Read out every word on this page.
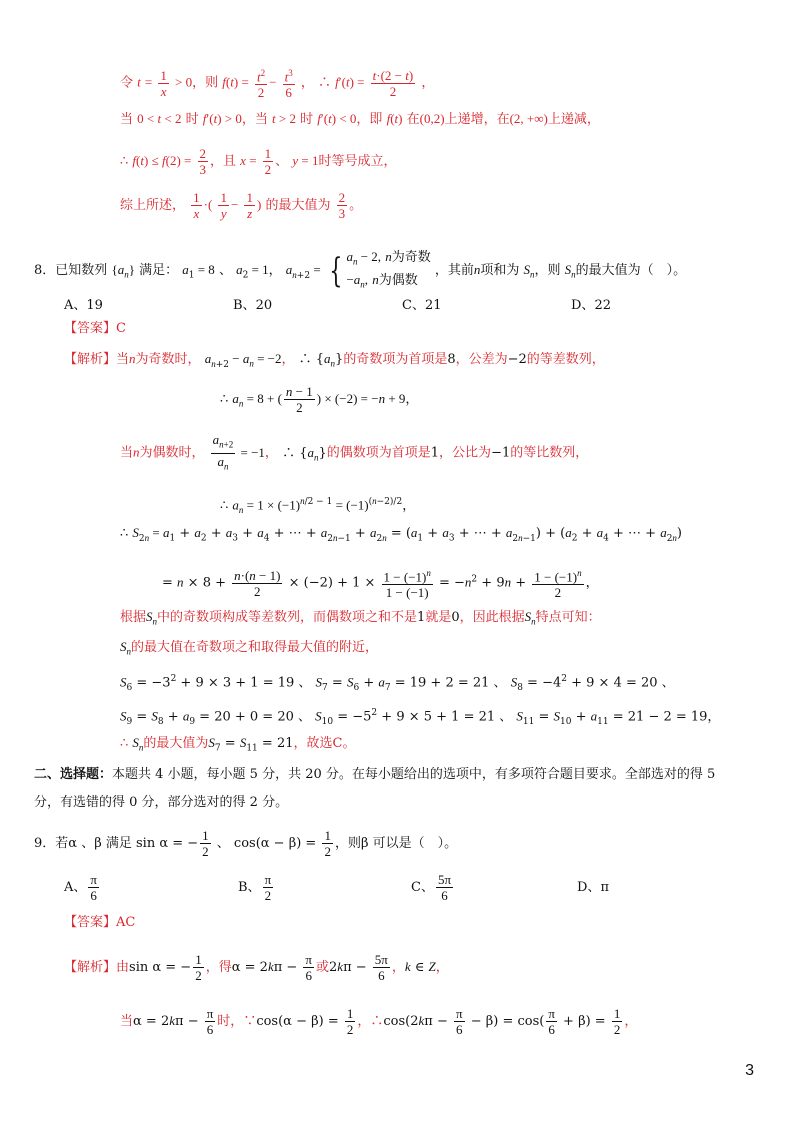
令 $t = \frac{1}{x} > 0$，则 $f(t) = \frac{t^2}{2} - \frac{t^3}{6}$ ， ∴ $f'(t) = \frac{t\cdot(2 - t)}{2}$ ，
当 0 < t < 2 时 f′(t) > 0，当 t > 2 时 f′(t) < 0，即 f(t) 在(0,2)上递增，在(2, +∞)上递减，
∴ $f(t) \le f(2) = \frac{2}{3}$ ，且 $x = \frac{1}{2}$ 、 y = 1时等号成立，
综上所述， $\frac{1}{x}$ ·( $\frac{1}{y} - \frac{1}{z}$ ) 的最大值为 $\frac{2}{3}$ 。
8．已知数列 $\{a_n\}$ 满足： $a_1 = 8$ 、 $a_2 = 1$， $a_{n+2}$ = { $a_n - 2$, n为奇数
$-a_n$, n为偶数
，其前n项和为 $S_n$，则 $S_n$的最大值为（　）。
A、19	B、20	C、21	D、22
【答案】C
【解析】当n为奇数时， $a_{n+2} - a_n = -2$， ∴ $\{a_n\}$的奇数项为首项是8，公差为−2的等差数列，
∴ $a_n = 8$ + ( $\frac{n - 1}{2}$ ) × (−2) = −n + 9，
当n为偶数时， $\frac{a_{n+2}}{a_n} = -1$， ∴ $\{a_n\}$的偶数项为首项是1，公比为−1的等比数列，
∴ $a_n = 1 \times (-1)^{n/2 - 1} = (-1)^{(n-2)/2}$，
∴ $S_{2n} = a_1 + a_2 + a_3 + a_4$ + ⋯ + $a_{2n-1} + a_{2n} = (a_1 + a_3$ + ⋯ + $a_{2n-1}) + (a_2 + a_4$ + ⋯ + $a_{2n}$)
= $n \times 8 + \frac{n\cdot(n - 1)}{2} \times (-2) + 1 \times \frac{1 - (-1)^n}{1 - (-1)} = -n^2 + 9n + \frac{1 - (-1)^n}{2}$ ，
根据$S_n$中的奇数项构成等差数列，而偶数项之和不是1就是0，因此根据$S_n$特点可知：
$S_n$的最大值在奇数项之和取得最大值的附近，
$S_6 = -3^2 + 9 \times 3 + 1 = 19$ 、 $S_7 = S_6 + a_7 = 19 + 2 = 21$ 、 $S_8 = -4^2 + 9 \times 4 = 20$ 、
$S_9 = S_8 + a_9 = 20 + 0 = 20$ 、 $S_{10} = -5^2 + 9 \times 5 + 1 = 21$ 、 $S_{11} = S_{10} + a_{11} = 21 - 2 = 19$，
∴ $S_n$的最大值为$S_7 = S_{11} = 21$，故选C。
二、选择题：本题共 4 小题，每小题 5 分，共 20 分。在每小题给出的选项中，有多项符合题目要求。全部选对的得 5
分，有选错的得 0 分，部分选对的得 2 分。
9．若α 、β 满足 sin α = − $\frac{1}{2}$ 、 $\cos(\alpha - \beta) = \frac{1}{2}$ ，则β 可以是（　）。
A、 $\frac{\pi}{6}$	B、 $\frac{\pi}{2}$	C、 $\frac{5\pi}{6}$	D、π
【答案】AC
【解析】由sin α = − $\frac{1}{2}$ ，得$\alpha = 2k\pi - \frac{\pi}{6}$ 或$2k\pi - \frac{5\pi}{6}$ ，k ∈ Z，
当$\alpha = 2k\pi - \frac{\pi}{6}$ 时，∵cos(α − $\beta) = \frac{1}{2}$ ，∴cos(2kπ − $\frac{\pi}{6} - \beta) = \cos( \frac{\pi}{6} + \beta) = \frac{1}{2}$ ，
3
